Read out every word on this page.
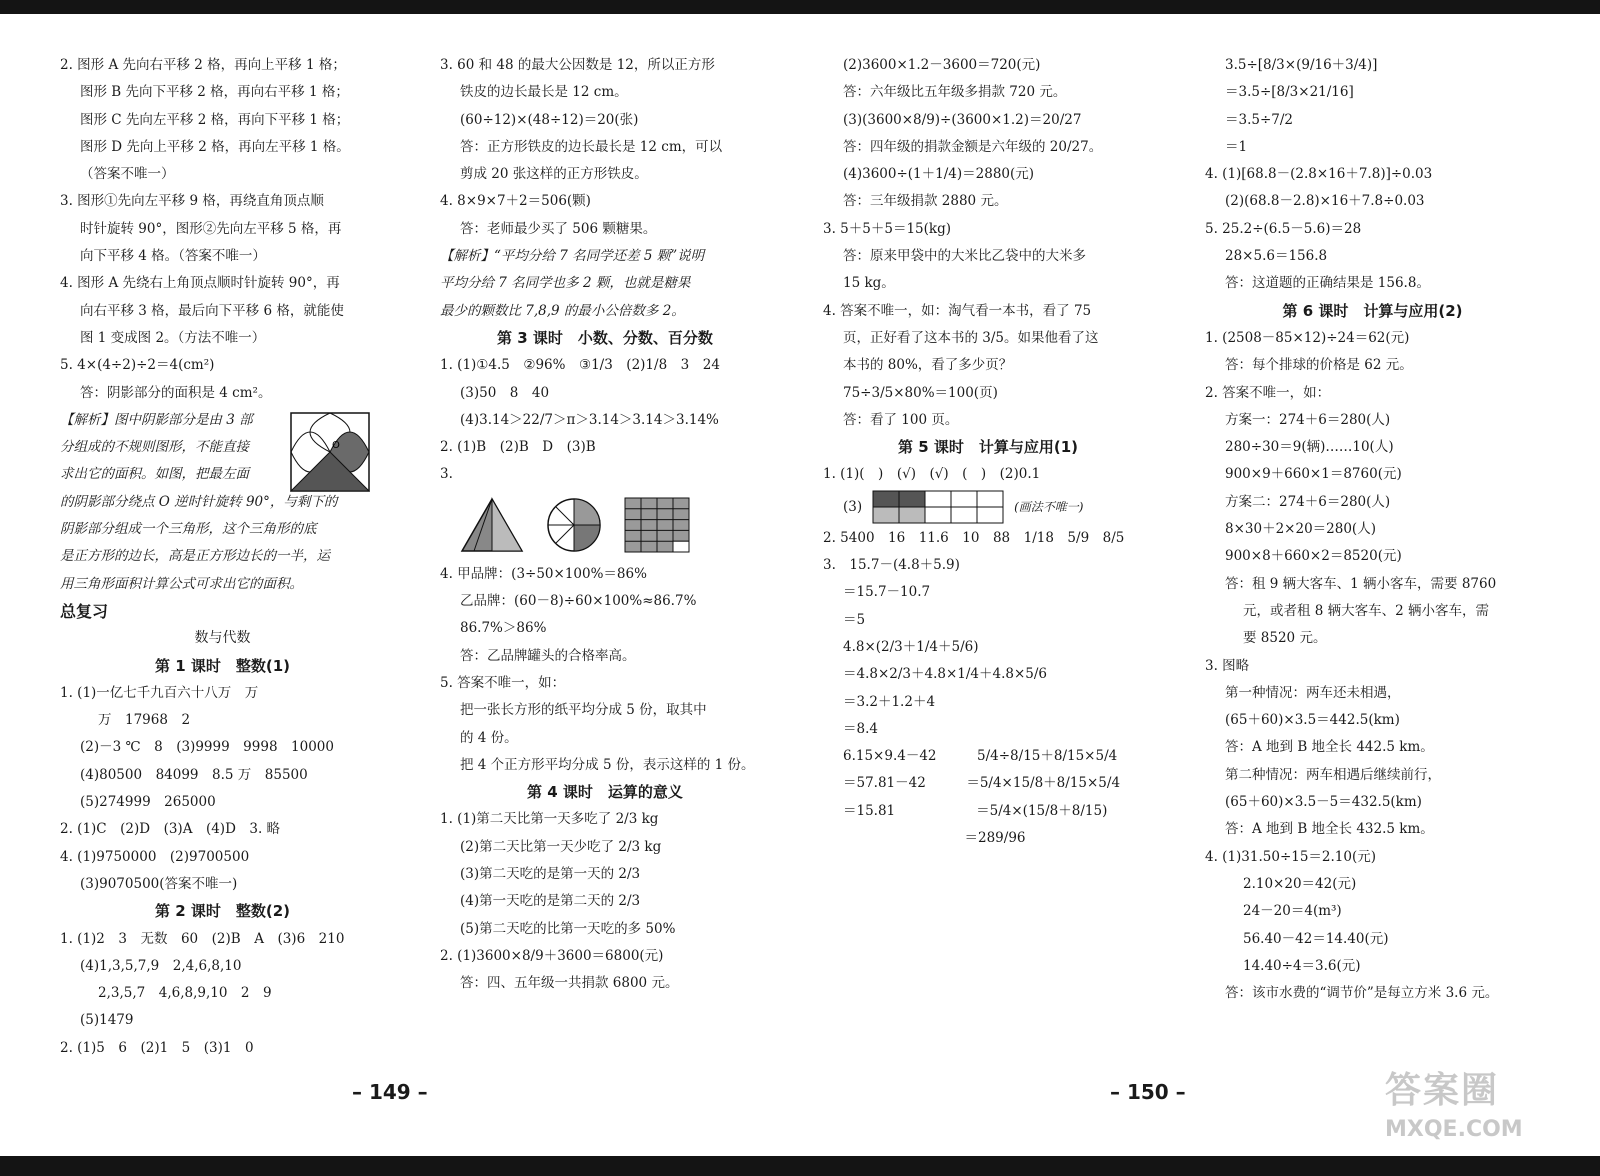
2. 图形 A 先向右平移 2 格，再向上平移 1 格；
图形 B 先向下平移 2 格，再向右平移 1 格；
图形 C 先向左平移 2 格，再向下平移 1 格；
图形 D 先向上平移 2 格，再向左平移 1 格。
（答案不唯一）
3. 图形①先向左平移 9 格，再绕直角顶点顺
时针旋转 90°，图形②先向左平移 5 格，再
向下平移 4 格。（答案不唯一）
4. 图形 A 先绕右上角顶点顺时针旋转 90°，再
向右平移 3 格，最后向下平移 6 格，就能使
图 1 变成图 2。（方法不唯一）
5. 4×(4÷2)÷2＝4(cm²)
答：阴影部分的面积是 4 cm²。
【解析】图中阴影部分是由 3 部
分组成的不规则图形，不能直接
求出它的面积。如图，把最左面
的阴影部分绕点 O 逆时针旋转 90°，与剩下的
阴影部分组成一个三角形，这个三角形的底
是正方形的边长，高是正方形边长的一半，运
用三角形面积计算公式可求出它的面积。
总复习
数与代数
第 1 课时　整数(1)
1. (1)一亿七千九百六十八万　万
万　17968　2
(2)－3 ℃　8　(3)9999　9998　10000
(4)80500　84099　8.5 万　85500
(5)274999　265000
2. (1)C　(2)D　(3)A　(4)D　3. 略
4. (1)9750000　(2)9700500
(3)9070500(答案不唯一)
第 2 课时　整数(2)
1. (1)2　3　无数　60　(2)B　A　(3)6　210
(4)1,3,5,7,9　2,4,6,8,10
2,3,5,7　4,6,8,9,10　2　9
(5)1479
2. (1)5　6　(2)1　5　(3)1　0
O
3. 60 和 48 的最大公因数是 12，所以正方形
铁皮的边长最长是 12 cm。
(60÷12)×(48÷12)＝20(张)
答：正方形铁皮的边长最长是 12 cm，可以
剪成 20 张这样的正方形铁皮。
4. 8×9×7＋2＝506(颗)
答：老师最少买了 506 颗糖果。
【解析】“平均分给 7 名同学还差 5 颗”说明
平均分给 7 名同学也多 2 颗，也就是糖果
最少的颗数比 7,8,9 的最小公倍数多 2。
第 3 课时　小数、分数、百分数
1. (1)①4.5　②96%　③1/3　(2)1/8　3　24
(3)50　8　40
(4)3.14̇＞22/7＞π＞3.14̇＞3.14＞3.14%
2. (1)B　(2)B　D　(3)B
3.
4. 甲品牌：(3÷50×100%＝86%
乙品牌：(60－8)÷60×100%≈86.7%
86.7%＞86%
答：乙品牌罐头的合格率高。
5. 答案不唯一，如：
把一张长方形的纸平均分成 5 份，取其中
的 4 份。
把 4 个正方形平均分成 5 份，表示这样的 1 份。
第 4 课时　运算的意义
1. (1)第二天比第一天多吃了 2/3 kg
(2)第二天比第一天少吃了 2/3 kg
(3)第二天吃的是第一天的 2/3
(4)第一天吃的是第二天的 2/3
(5)第二天吃的比第一天吃的多 50%
2. (1)3600×8/9＋3600＝6800(元)
答：四、五年级一共捐款 6800 元。
(2)3600×1.2－3600＝720(元)
答：六年级比五年级多捐款 720 元。
(3)(3600×8/9)÷(3600×1.2)＝20/27
答：四年级的捐款金额是六年级的 20/27。
(4)3600÷(1＋1/4)＝2880(元)
答：三年级捐款 2880 元。
3. 5＋5＋5＝15(kg)
答：原来甲袋中的大米比乙袋中的大米多
15 kg。
4. 答案不唯一，如：淘气看一本书，看了 75
页，正好看了这本书的 3/5。如果他看了这
本书的 80%，看了多少页？
75÷3/5×80%＝100(页)
答：看了 100 页。
第 5 课时　计算与应用(1)
1. (1)(　)　(√)　(√)　(　)　(2)0.1
(3)	(画法不唯一)
2. 5400　16　11.6　10　88　1/18　5/9　8/5
3.　15.7－(4.8＋5.9)
＝15.7－10.7
＝5
4.8×(2/3＋1/4＋5/6)
＝4.8×2/3＋4.8×1/4＋4.8×5/6
＝3.2＋1.2＋4
＝8.4
6.15×9.4－42　　　5/4÷8/15＋8/15×5/4
＝57.81－42　　　＝5/4×15/8＋8/15×5/4
＝15.81　　　　　　＝5/4×(15/8＋8/15)
　　　　　　　　　＝289/96
3.5÷[8/3×(9/16＋3/4)]
＝3.5÷[8/3×21/16]
＝3.5÷7/2
＝1
4. (1)[68.8－(2.8×16＋7.8)]÷0.03
(2)(68.8－2.8)×16＋7.8÷0.03
5. 25.2÷(6.5－5.6)＝28
28×5.6＝156.8
答：这道题的正确结果是 156.8。
第 6 课时　计算与应用(2)
1. (2508－85×12)÷24＝62(元)
答：每个排球的价格是 62 元。
2. 答案不唯一，如：
方案一：274＋6＝280(人)
280÷30＝9(辆)……10(人)
900×9＋660×1＝8760(元)
方案二：274＋6＝280(人)
8×30＋2×20＝280(人)
900×8＋660×2＝8520(元)
答：租 9 辆大客车、1 辆小客车，需要 8760
元，或者租 8 辆大客车、2 辆小客车，需
要 8520 元。
3. 图略
第一种情况：两车还未相遇，
(65＋60)×3.5＝442.5(km)
答：A 地到 B 地全长 442.5 km。
第二种情况：两车相遇后继续前行，
(65＋60)×3.5－5＝432.5(km)
答：A 地到 B 地全长 432.5 km。
4. (1)31.50÷15＝2.10(元)
2.10×20＝42(元)
24－20＝4(m³)
56.40－42＝14.40(元)
14.40÷4＝3.6(元)
答：该市水费的“调节价”是每立方米 3.6 元。
– 149 –	– 150 –	答案圈
MXQE.COM
